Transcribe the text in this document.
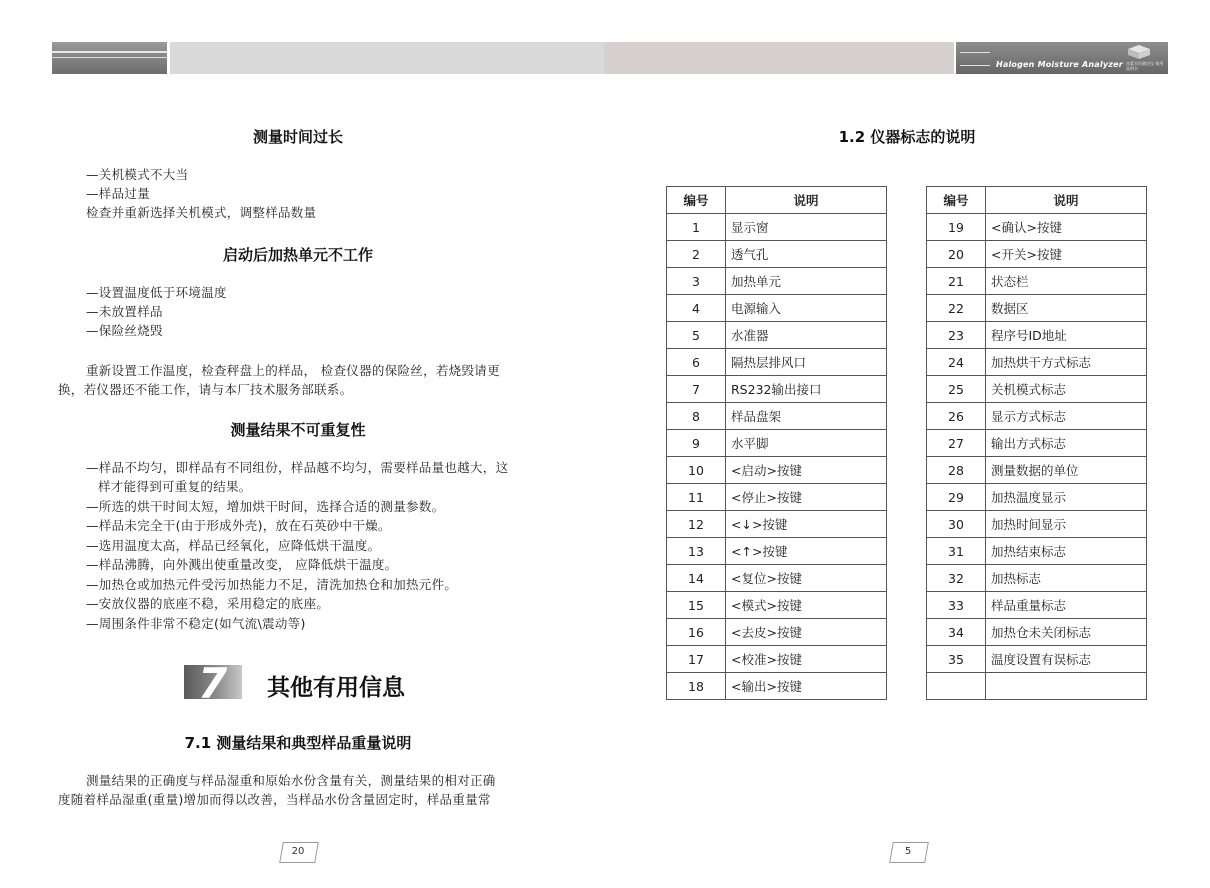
Halogen Moisture Analyzer 卤素水份测定仪 使用说明书
测量时间过长
—关机模式不大当
—样品过量
检查并重新选择关机模式，调整样品数量
启动后加热单元不工作
—设置温度低于环境温度
—未放置样品
—保险丝烧毁
重新设置工作温度，检查秤盘上的样品， 检查仪器的保险丝，若烧毁请更
换，若仪器还不能工作，请与本厂技术服务部联系。
测量结果不可重复性
—样品不均匀，即样品有不同组份，样品越不均匀，需要样品量也越大，这
样才能得到可重复的结果。
—所选的烘干时间太短，增加烘干时间，选择合适的测量参数。
—样品未完全干(由于形成外壳)，放在石英砂中干燥。
—选用温度太高，样品已经氧化，应降低烘干温度。
—样品沸腾，向外溅出使重量改变， 应降低烘干温度。
—加热仓或加热元件受污加热能力不足，清洗加热仓和加热元件。
—安放仪器的底座不稳，采用稳定的底座。
—周围条件非常不稳定(如气流\震动等)
7 其他有用信息
7.1 测量结果和典型样品重量说明
测量结果的正确度与样品湿重和原始水份含量有关，测量结果的相对正确
度随着样品湿重(重量)增加而得以改善，当样品水份含量固定时，样品重量常
20
1.2 仪器标志的说明
编号	说明
1	显示窗
2	透气孔
3	加热单元
4	电源输入
5	水准器
6	隔热层排风口
7	RS232输出接口
8	样品盘架
9	水平脚
10	<启动>按键
11	<停止>按键
12	<↓>按键
13	<↑>按键
14	<复位>按键
15	<模式>按键
16	<去皮>按键
17	<校准>按键
18	<输出>按键
编号	说明
19	<确认>按键
20	<开关>按键
21	状态栏
22	数据区
23	程序号ID地址
24	加热烘干方式标志
25	关机模式标志
26	显示方式标志
27	输出方式标志
28	测量数据的单位
29	加热温度显示
30	加热时间显示
31	加热结束标志
32	加热标志
33	样品重量标志
34	加热仓未关闭标志
35	温度设置有误标志

5
